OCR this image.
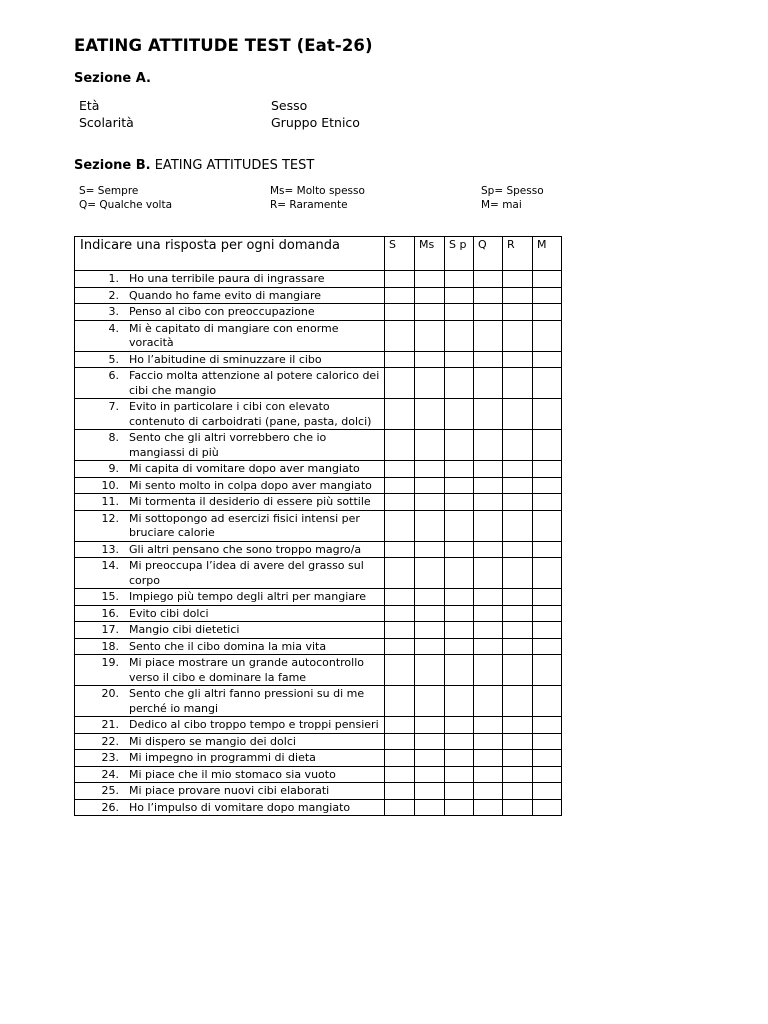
EATING ATTITUDE TEST (Eat-26)
Sezione A.
Età	Sesso
Scolarità	Gruppo Etnico
Sezione B. EATING ATTITUDES TEST
S= Sempre	Ms= Molto spesso	Sp= Spesso
Q= Qualche volta	R= Raramente	M= mai
Indicare una risposta per ogni domanda	S	Ms	S p	Q	R	M

1. Ho una terribile paura di ingrassare						

2. Quando ho fame evito di mangiare						

3. Penso al cibo con preoccupazione						

4. Mi è capitato di mangiare con enorme voracità						

5. Ho l’abitudine di sminuzzare il cibo						

6. Faccio molta attenzione al potere calorico dei cibi che mangio						

7. Evito in particolare i cibi con elevato contenuto di carboidrati (pane, pasta, dolci)						

8. Sento che gli altri vorrebbero che io mangiassi di più						

9. Mi capita di vomitare dopo aver mangiato						

10. Mi sento molto in colpa dopo aver mangiato						

11. Mi tormenta il desiderio di essere più sottile						

12. Mi sottopongo ad esercizi fisici intensi per bruciare calorie						

13. Gli altri pensano che sono troppo magro/a						

14. Mi preoccupa l’idea di avere del grasso sul corpo						

15. Impiego più tempo degli altri per mangiare						

16. Evito cibi dolci						

17. Mangio cibi dietetici						

18. Sento che il cibo domina la mia vita						

19. Mi piace mostrare un grande autocontrollo verso il cibo e dominare la fame						

20. Sento che gli altri fanno pressioni su di me perché io mangi						

21. Dedico al cibo troppo tempo e troppi pensieri						

22. Mi dispero se mangio dei dolci						

23. Mi impegno in programmi di dieta						

24. Mi piace che il mio stomaco sia vuoto						

25. Mi piace provare nuovi cibi elaborati						

26. Ho l’impulso di vomitare dopo mangiato						
